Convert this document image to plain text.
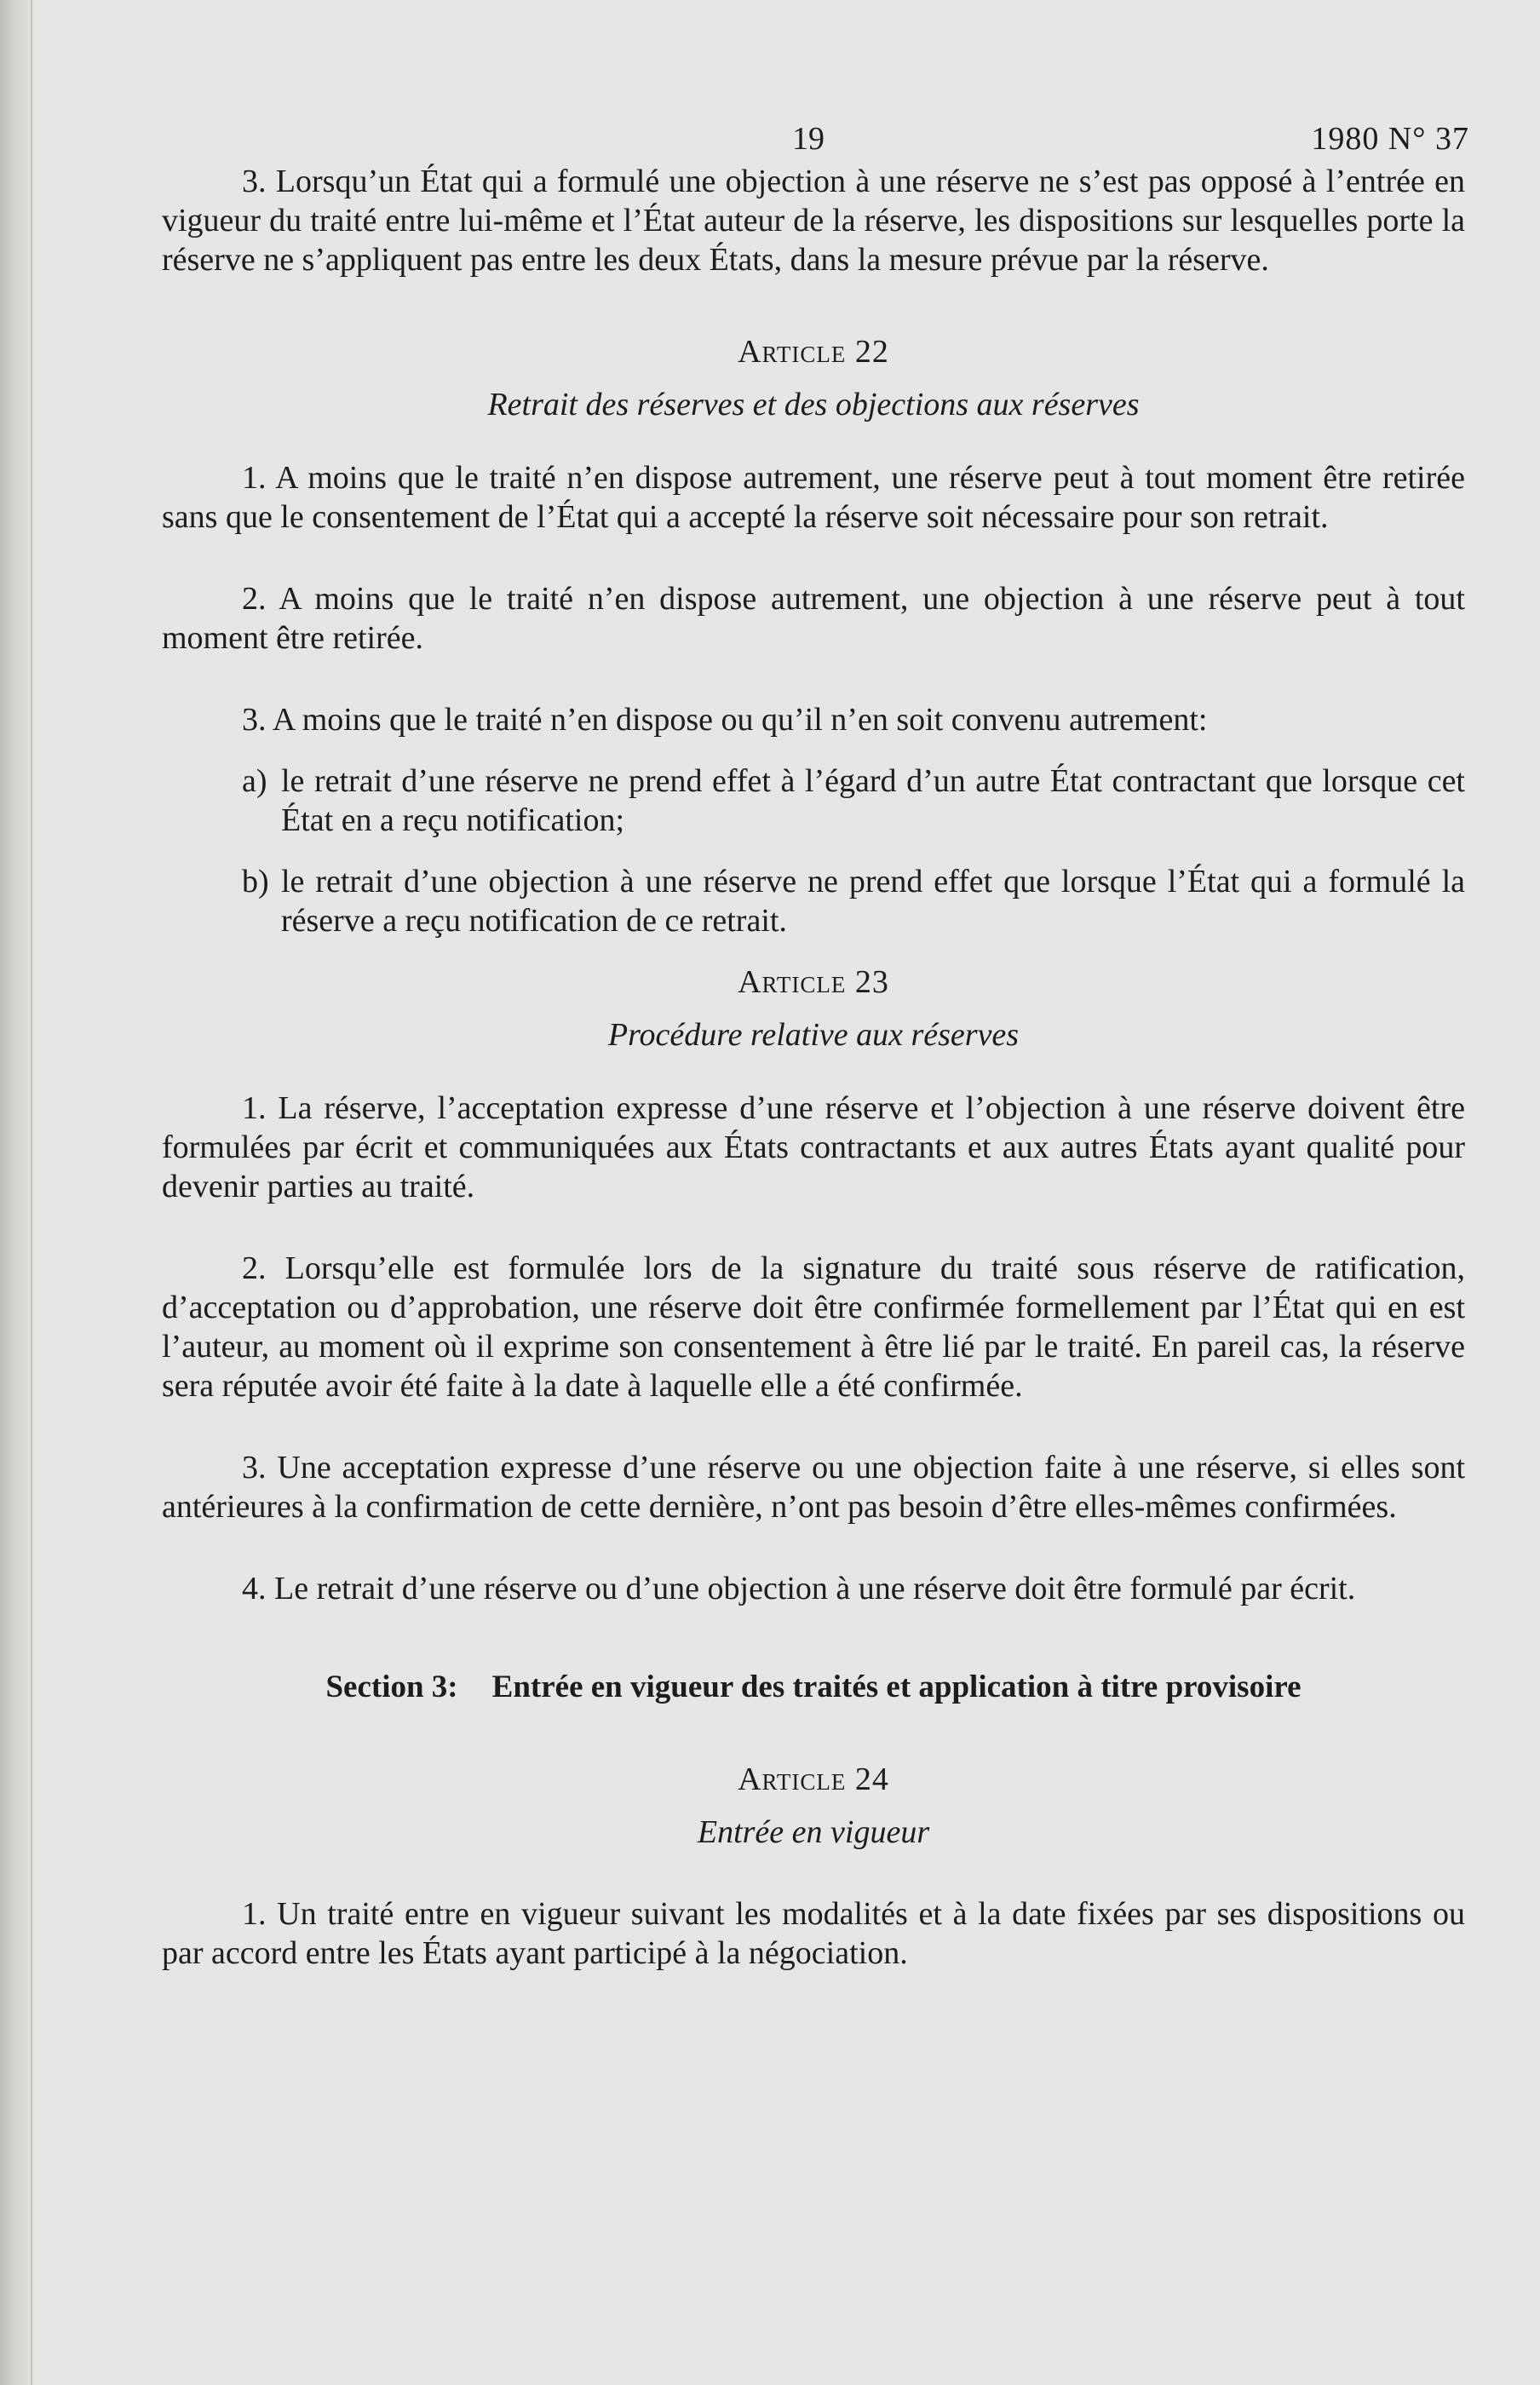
19	1980 N° 37

3. Lorsqu’un État qui a formulé une objection à une réserve ne s’est pas opposé à l’entrée en vigueur du traité entre lui-même et l’État auteur de la réserve, les dispositions sur lesquelles porte la réserve ne s’appliquent pas entre les deux États, dans la mesure prévue par la réserve.

Article 22
Retrait des réserves et des objections aux réserves

1. A moins que le traité n’en dispose autrement, une réserve peut à tout moment être retirée sans que le consentement de l’État qui a accepté la réserve soit nécessaire pour son retrait.

2. A moins que le traité n’en dispose autrement, une objection à une réserve peut à tout moment être retirée.

3. A moins que le traité n’en dispose ou qu’il n’en soit convenu autrement:

a) le retrait d’une réserve ne prend effet à l’égard d’un autre État contractant que lorsque cet État en a reçu notification;
b) le retrait d’une objection à une réserve ne prend effet que lorsque l’État qui a formulé la réserve a reçu notification de ce retrait.
Article 23
Procédure relative aux réserves

1. La réserve, l’acceptation expresse d’une réserve et l’objection à une réserve doivent être formulées par écrit et communiquées aux États contractants et aux autres États ayant qualité pour devenir parties au traité.

2. Lorsqu’elle est formulée lors de la signature du traité sous réserve de ratification, d’acceptation ou d’approbation, une réserve doit être confirmée formellement par l’État qui en est l’auteur, au moment où il exprime son consentement à être lié par le traité. En pareil cas, la réserve sera réputée avoir été faite à la date à laquelle elle a été confirmée.

3. Une acceptation expresse d’une réserve ou une objection faite à une réserve, si elles sont antérieures à la confirmation de cette dernière, n’ont pas besoin d’être elles-mêmes confirmées.

4. Le retrait d’une réserve ou d’une objection à une réserve doit être formulé par écrit.

Section 3: Entrée en vigueur des traités et application à titre provisoire
Article 24
Entrée en vigueur

1. Un traité entre en vigueur suivant les modalités et à la date fixées par ses dispositions ou par accord entre les États ayant participé à la négociation.
